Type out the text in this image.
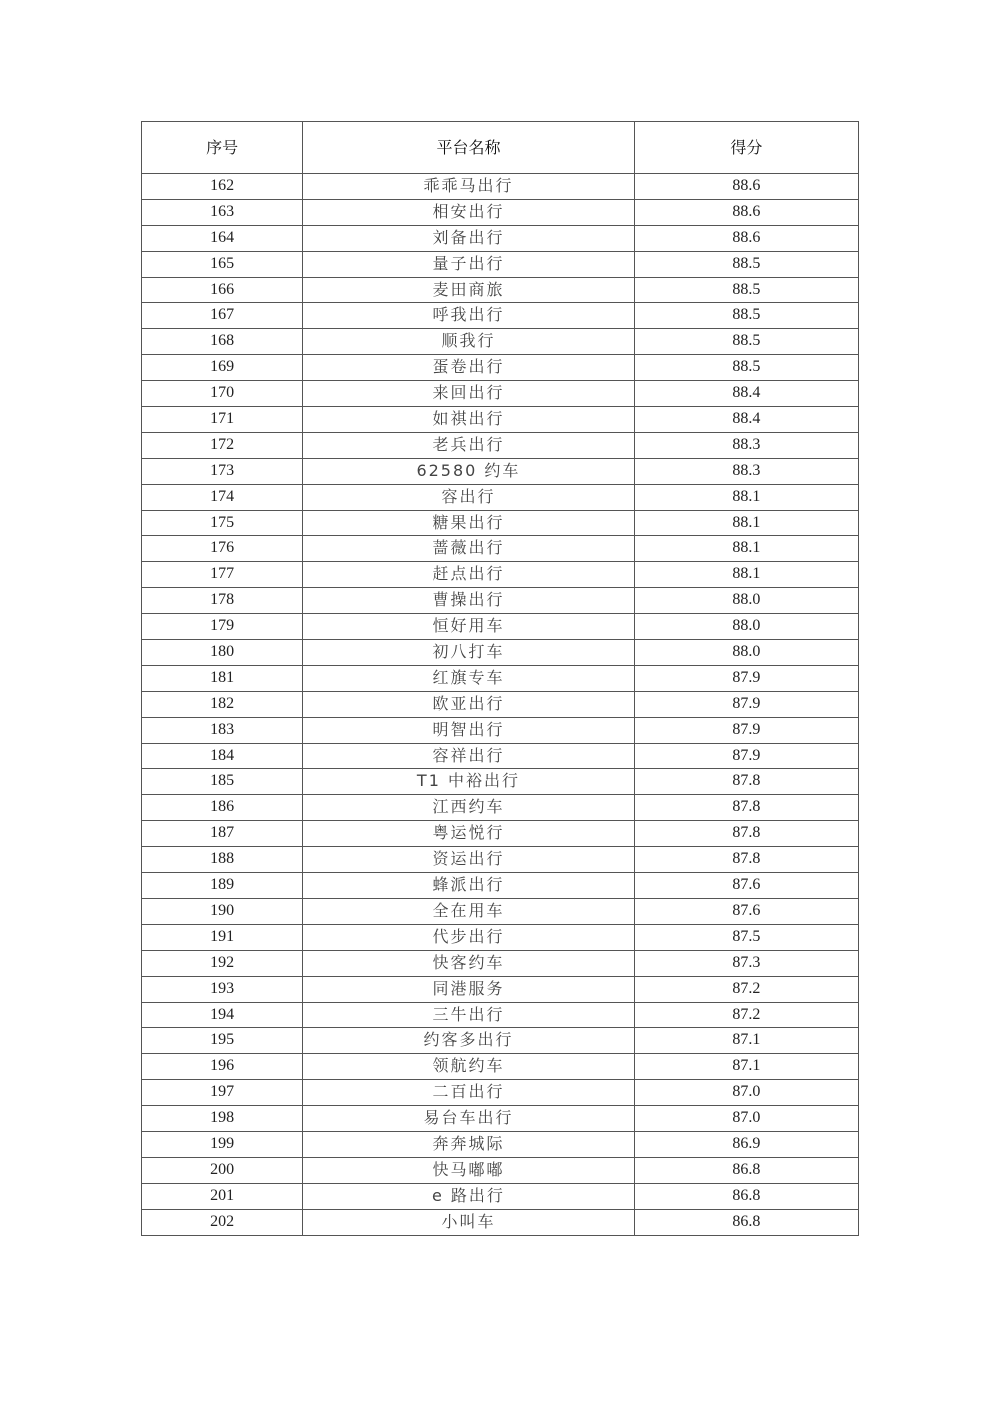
序号	平台名称	得分
162	乖乖马出行	88.6
163	相安出行	88.6
164	刘备出行	88.6
165	量子出行	88.5
166	麦田商旅	88.5
167	呼我出行	88.5
168	顺我行	88.5
169	蛋卷出行	88.5
170	来回出行	88.4
171	如祺出行	88.4
172	老兵出行	88.3
173	62580 约车	88.3
174	容出行	88.1
175	糖果出行	88.1
176	蔷薇出行	88.1
177	赶点出行	88.1
178	曹操出行	88.0
179	恒好用车	88.0
180	初八打车	88.0
181	红旗专车	87.9
182	欧亚出行	87.9
183	明智出行	87.9
184	容祥出行	87.9
185	T1 中裕出行	87.8
186	江西约车	87.8
187	粤运悦行	87.8
188	资运出行	87.8
189	蜂派出行	87.6
190	全在用车	87.6
191	代步出行	87.5
192	快客约车	87.3
193	同港服务	87.2
194	三牛出行	87.2
195	约客多出行	87.1
196	领航约车	87.1
197	二百出行	87.0
198	易台车出行	87.0
199	奔奔城际	86.9
200	快马嘟嘟	86.8
201	e 路出行	86.8
202	小叫车	86.8
